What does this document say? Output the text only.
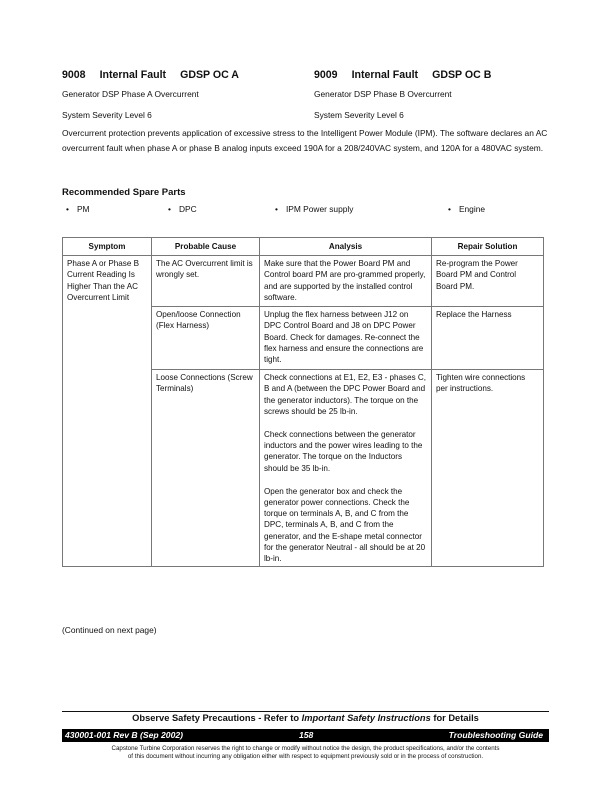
9008 Internal Fault GDSP OC A
Generator DSP Phase A Overcurrent
System Severity Level 6
9009 Internal Fault GDSP OC B
Generator DSP Phase B Overcurrent
System Severity Level 6
Overcurrent protection prevents application of excessive stress to the Intelligent Power Module (IPM). The software declares an AC overcurrent fault when phase A or phase B analog inputs exceed 190A for a 208/240VAC system, and 120A for a 480VAC system.
Recommended Spare Parts
• PM	• DPC	• IPM Power supply	• Engine
Symptom	Probable Cause	Analysis	Repair Solution
Phase A or Phase B Current Reading Is Higher Than the AC Overcurrent Limit	The AC Overcurrent limit is wrongly set.	Make sure that the Power Board PM and Control board PM are pro-grammed properly, and are supported by the installed control software.	Re-program the Power Board PM and Control Board PM.
	Open/loose Connection (Flex Harness)	Unplug the flex harness between J12 on DPC Control Board and J8 on DPC Power Board. Check for damages. Re-connect the flex harness and ensure the connections are tight.	Replace the Harness
	Loose Connections (Screw Terminals)	Check connections at E1, E2, E3 - phases C, B and A (between the DPC Power Board and the generator inductors). The torque on the screws should be 25 lb-in.
Check connections between the generator inductors and the power wires leading to the generator. The torque on the Inductors should be 35 lb-in.
Open the generator box and check the generator power connections. Check the torque on terminals A, B, and C from the DPC, terminals A, B, and C from the generator, and the E-shape metal connector for the generator Neutral - all should be at 20 lb-in.	Tighten wire connections per instructions.
(Continued on next page)
Observe Safety Precautions - Refer to Important Safety Instructions for Details
430001-001 Rev B (Sep 2002)	158	Troubleshooting Guide
Capstone Turbine Corporation reserves the right to change or modify without notice the design, the product specifications, and/or the contents
of this document without incurring any obligation either with respect to equipment previously sold or in the process of construction.
